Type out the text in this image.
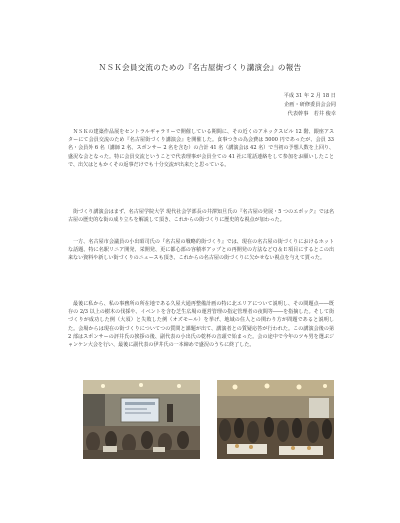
ＮＳＫ会員交流のための『名古屋街づくり講演会』の報告
平成 31 年 2 月 18 日
企画・研修委員会会同
代表幹事　若井 俊幸

ＮＳＫの建築作品展をセントラルギャラリーで開催している期間に、その近くのアネックスビル 12 階、銀座アスターにて会員交流のため『名古屋街づくり講演会』を開催した。食事つきの為会費は 5000 円であったが、会員 33 名・会員外 6 名（講師 2 名、スポンサー 2 名を含む）の合計 41 名（講演会は 42 名）で当初の予想人数を上回り、盛況な会となった。特に会員交流ということで代表理事が会員全ての 41 社に電話連絡をして参加をお願いしたことで、出欠はともかくその返事だけでも十分交流が出来たと思っている。

街づくり講演会はまず、名古屋学院大学 現代社会学部長の井澤知旦氏の『名古屋の発展・5 つのエポック』では名古屋の歴史的な街の成り立ちを解説して頂き、これからの街づくりに歴史的な視点が加わった。

一方、名古屋市会議員の小出昭司氏の『名古屋の戦略的街づくり』では、現在の名古屋の街づくりにおけるホットな話題、特に名駅リニア開発、栄開発、更に都心部の容積率アップとの再開発の方法などＱ＆Ｅ項目にするとこの出来ない資料や新しい街づくりのニュースも頂き、これからの名古屋の街づくりに欠かせない視点を与えて貰った。

最後に私から、私の事務所の所在地である久屋大通再整備計画の特に北エリアについて説明し、その問題点――既存の 2/3 以上の樹木の伐採や、イベントを含む芝生広場の運営管理の指定管理者の夜間等――を指摘した。そして街づくりが成功した例（大須）と失敗した例（オズモール）を挙げ、地域の住人との関わり方が問題であると説明した。会場からは現在の街づくりについてつの質問と課題が出て、講演者との質疑応答が行われた。この講演会後の第 2 部はスポンサーの評井氏の挨拶の後、副代表の小出氏の乾杯の音頭で始まった。会の途中で今年のツキ男を選ぶジャンケン大会を行い、最後に副代表の伊井氏の一本締めで盛況のうちに終了した。
